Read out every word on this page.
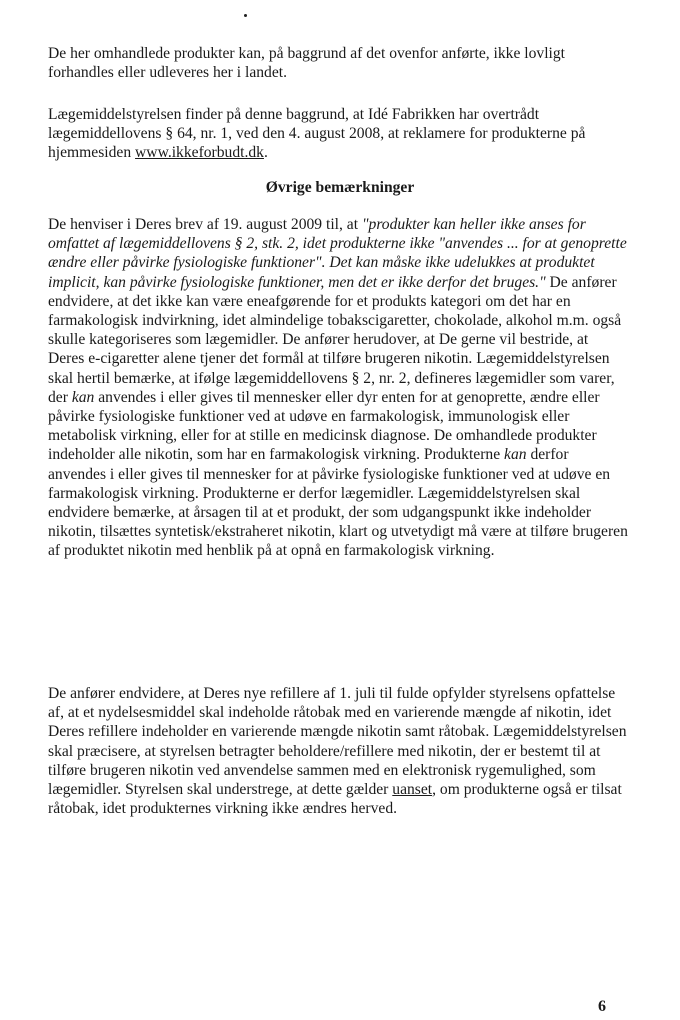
De her omhandlede produkter kan, på baggrund af det ovenfor anførte, ikke lovligt forhandles eller udleveres her i landet.

Lægemiddelstyrelsen finder på denne baggrund, at Idé Fabrikken har overtrådt lægemiddellovens § 64, nr. 1, ved den 4. august 2008, at reklamere for produkterne på hjemmesiden www.ikkeforbudt.dk.

Øvrige bemærkninger

De henviser i Deres brev af 19. august 2009 til, at "produkter kan heller ikke anses for omfattet af lægemiddellovens § 2, stk. 2, idet produkterne ikke "anvendes ... for at genoprette ændre eller påvirke fysiologiske funktioner". Det kan måske ikke udelukkes at produktet implicit, kan påvirke fysiologiske funktioner, men det er ikke derfor det bruges." De anfører endvidere, at det ikke kan være eneafgørende for et produkts kategori om det har en farmakologisk indvirkning, idet almindelige tobakscigaretter, chokolade, alkohol m.m. også skulle kategoriseres som lægemidler. De anfører herudover, at De gerne vil bestride, at Deres e-cigaretter alene tjener det formål at tilføre brugeren nikotin. Lægemiddelstyrelsen skal hertil bemærke, at ifølge lægemiddellovens § 2, nr. 2, defineres lægemidler som varer, der kan anvendes i eller gives til mennesker eller dyr enten for at genoprette, ændre eller påvirke fysiologiske funktioner ved at udøve en farmakologisk, immunologisk eller metabolisk virkning, eller for at stille en medicinsk diagnose. De omhandlede produkter indeholder alle nikotin, som har en farmakologisk virkning. Produkterne kan derfor anvendes i eller gives til mennesker for at påvirke fysiologiske funktioner ved at udøve en farmakologisk virkning. Produkterne er derfor lægemidler. Lægemiddelstyrelsen skal endvidere bemærke, at årsagen til at et produkt, der som udgangspunkt ikke indeholder nikotin, tilsættes syntetisk/ekstraheret nikotin, klart og utvetydigt må være at tilføre brugeren af produktet nikotin med henblik på at opnå en farmakologisk virkning.

De anfører endvidere, at Deres nye refillere af 1. juli til fulde opfylder styrelsens opfattelse af, at et nydelsesmiddel skal indeholde råtobak med en varierende mængde af nikotin, idet Deres refillere indeholder en varierende mængde nikotin samt råtobak. Lægemiddelstyrelsen skal præcisere, at styrelsen betragter beholdere/refillere med nikotin, der er bestemt til at tilføre brugeren nikotin ved anvendelse sammen med en elektronisk rygemulighed, som lægemidler. Styrelsen skal understrege, at dette gælder uanset, om produkterne også er tilsat råtobak, idet produkternes virkning ikke ændres herved.

6
